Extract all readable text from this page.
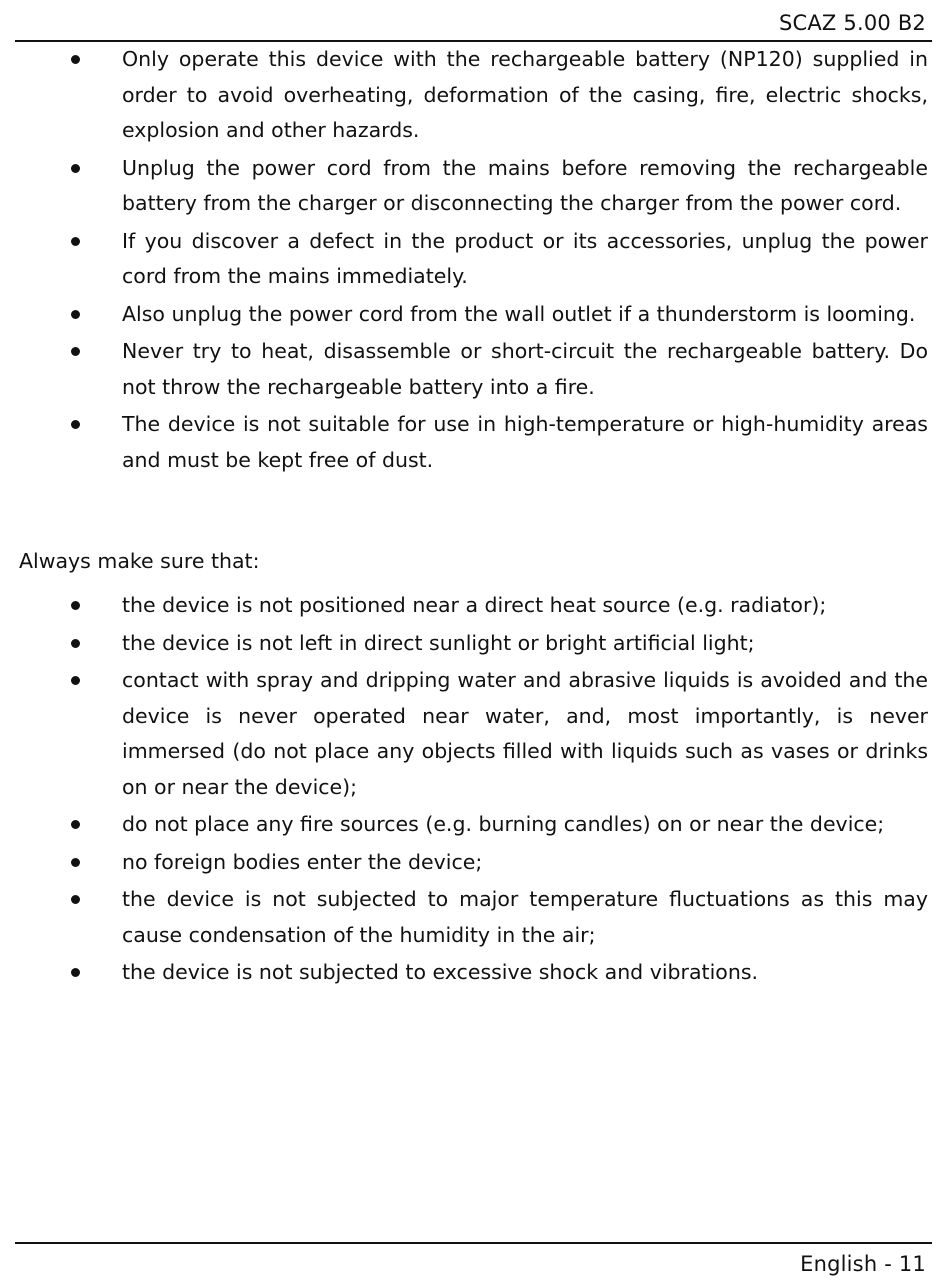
SCAZ 5.00 B2
Only operate this device with the rechargeable battery (NP120) supplied in order to avoid overheating, deformation of the casing, fire, electric shocks, explosion and other hazards.
Unplug the power cord from the mains before removing the rechargeable battery from the charger or disconnecting the charger from the power cord.
If you discover a defect in the product or its accessories, unplug the power cord from the mains immediately.
Also unplug the power cord from the wall outlet if a thunderstorm is looming.
Never try to heat, disassemble or short-circuit the rechargeable battery. Do not throw the rechargeable battery into a fire.
The device is not suitable for use in high-temperature or high-humidity areas and must be kept free of dust.

Always make sure that:

the device is not positioned near a direct heat source (e.g. radiator);
the device is not left in direct sunlight or bright artificial light;
contact with spray and dripping water and abrasive liquids is avoided and the device is never operated near water, and, most importantly, is never immersed (do not place any objects filled with liquids such as vases or drinks on or near the device);
do not place any fire sources (e.g. burning candles) on or near the device;
no foreign bodies enter the device;
the device is not subjected to major temperature fluctuations as this may cause condensation of the humidity in the air;
the device is not subjected to excessive shock and vibrations.
English - 11
